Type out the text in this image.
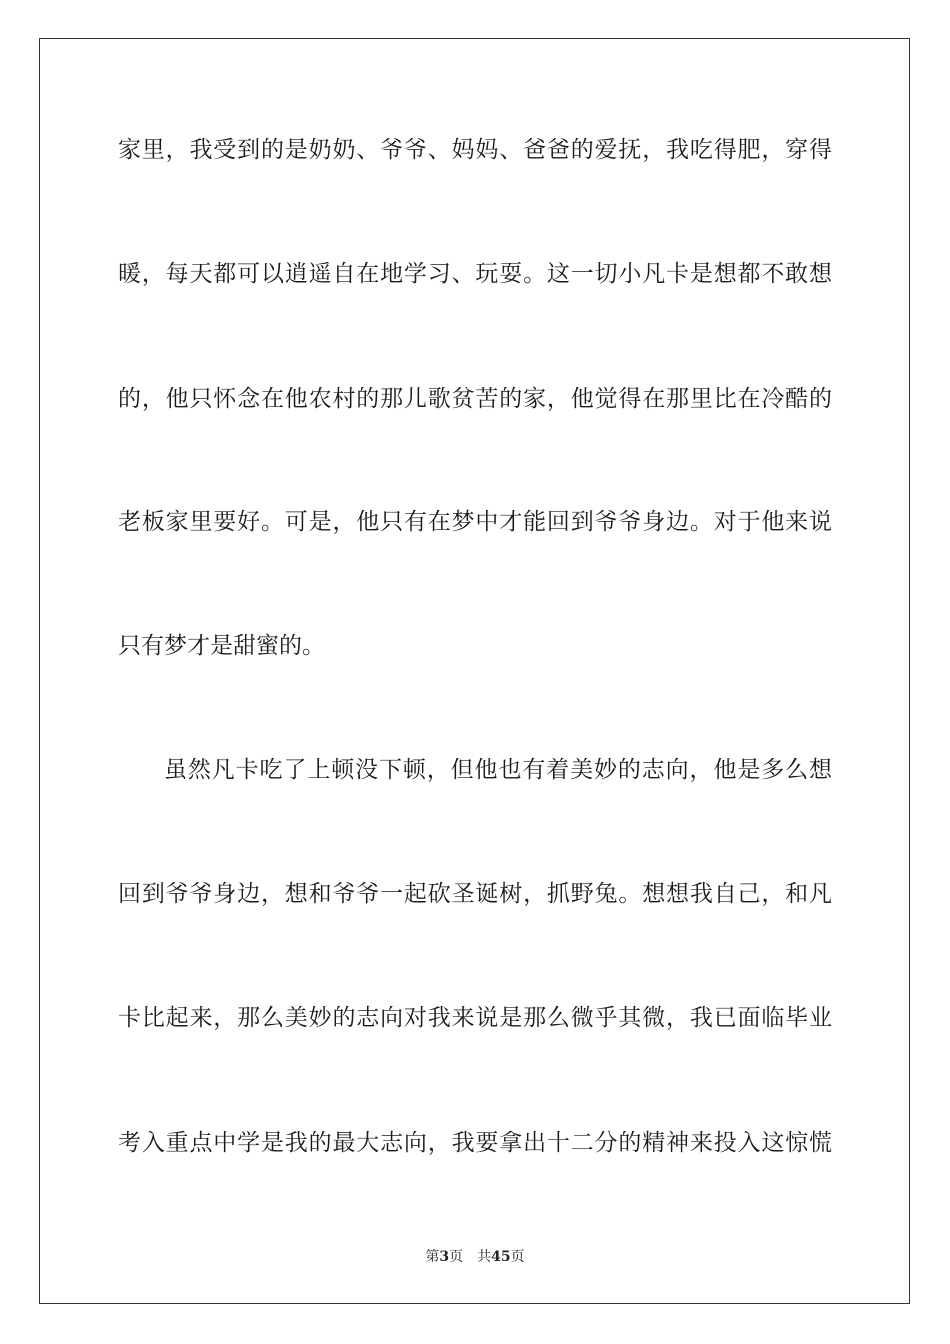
家里，我受到的是奶奶、爷爷、妈妈、爸爸的爱抚，我吃得肥，穿得
暖，每天都可以逍遥自在地学习、玩耍。这一切小凡卡是想都不敢想
的，他只怀念在他农村的那儿歌贫苦的家，他觉得在那里比在冷酷的
老板家里要好。可是，他只有在梦中才能回到爷爷身边。对于他来说
只有梦才是甜蜜的。
虽然凡卡吃了上顿没下顿，但他也有着美妙的志向，他是多么想
回到爷爷身边，想和爷爷一起砍圣诞树，抓野兔。想想我自己，和凡
卡比起来，那么美妙的志向对我来说是那么微乎其微，我已面临毕业
考入重点中学是我的最大志向，我要拿出十二分的精神来投入这惊慌
第3页 共45页
